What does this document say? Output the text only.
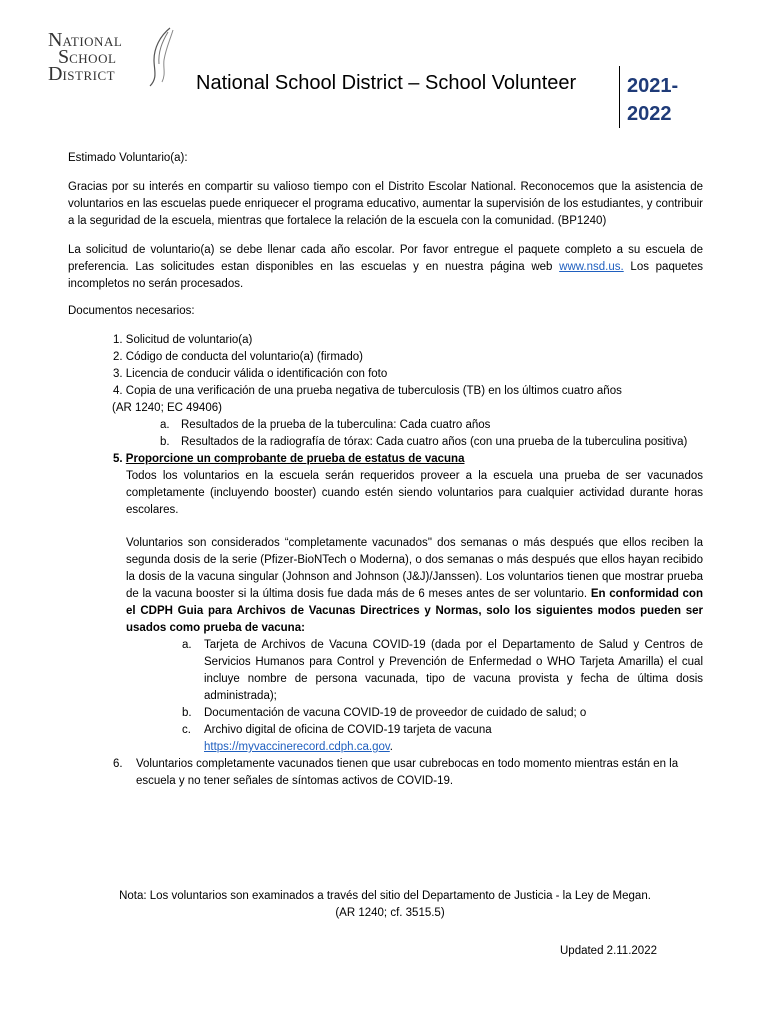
NATIONAL
SCHOOL
DISTRICT	National School District – School Volunteer	2021-
2022

Estimado Voluntario(a):

Gracias por su interés en compartir su valioso tiempo con el Distrito Escolar National. Reconocemos que la asistencia de voluntarios en las escuelas puede enriquecer el programa educativo, aumentar la supervisión de los estudiantes, y contribuir a la seguridad de la escuela, mientras que fortalece la relación de la escuela con la comunidad. (BP1240)

La solicitud de voluntario(a) se debe llenar cada año escolar. Por favor entregue el paquete completo a su escuela de preferencia. Las solicitudes estan disponibles en las escuelas y en nuestra página web www.nsd.us. Los paquetes incompletos no serán procesados.

Documentos necesarios:

1. Solicitud de voluntario(a)

2. Código de conducta del voluntario(a) (firmado)

3. Licencia de conducir válida o identificación con foto

4. Copia de una verificación de una prueba negativa de tuberculosis (TB) en los últimos cuatro años

(AR 1240; EC 49406)

a. Resultados de la prueba de la tuberculina: Cada cuatro años

b. Resultados de la radiografía de tórax: Cada cuatro años (con una prueba de la tuberculina positiva)

5. Proporcione un comprobante de prueba de estatus de vacuna

Todos los voluntarios en la escuela serán requeridos proveer a la escuela una prueba de ser vacunados completamente (incluyendo booster) cuando estén siendo voluntarios para cualquier actividad durante horas escolares.

Voluntarios son considerados “completamente vacunados'' dos semanas o más después que ellos reciben la segunda dosis de la serie (Pfizer-BioNTech o Moderna), o dos semanas o más después que ellos hayan recibido la dosis de la vacuna singular (Johnson and Johnson (J&J)/Janssen). Los voluntarios tienen que mostrar prueba de la vacuna booster si la última dosis fue dada más de 6 meses antes de ser voluntario. En conformidad con el CDPH Guia para Archivos de Vacunas Directrices y Normas, solo los siguientes modos pueden ser usados como prueba de vacuna:

a. Tarjeta de Archivos de Vacuna COVID-19 (dada por el Departamento de Salud y Centros de Servicios Humanos para Control y Prevención de Enfermedad o WHO Tarjeta Amarilla) el cual incluye nombre de persona vacunada, tipo de vacuna provista y fecha de última dosis administrada);

b. Documentación de vacuna COVID-19 de proveedor de cuidado de salud; o

c. Archivo digital de oficina de COVID-19 tarjeta de vacuna
https://myvaccinerecord.cdph.ca.gov.

6. Voluntarios completamente vacunados tienen que usar cubrebocas en todo momento mientras están en la escuela y no tener señales de síntomas activos de COVID-19.

Nota: Los voluntarios son examinados a través del sitio del Departamento de Justicia - la Ley de Megan.

(AR 1240; cf. 3515.5)

Updated 2.11.2022
